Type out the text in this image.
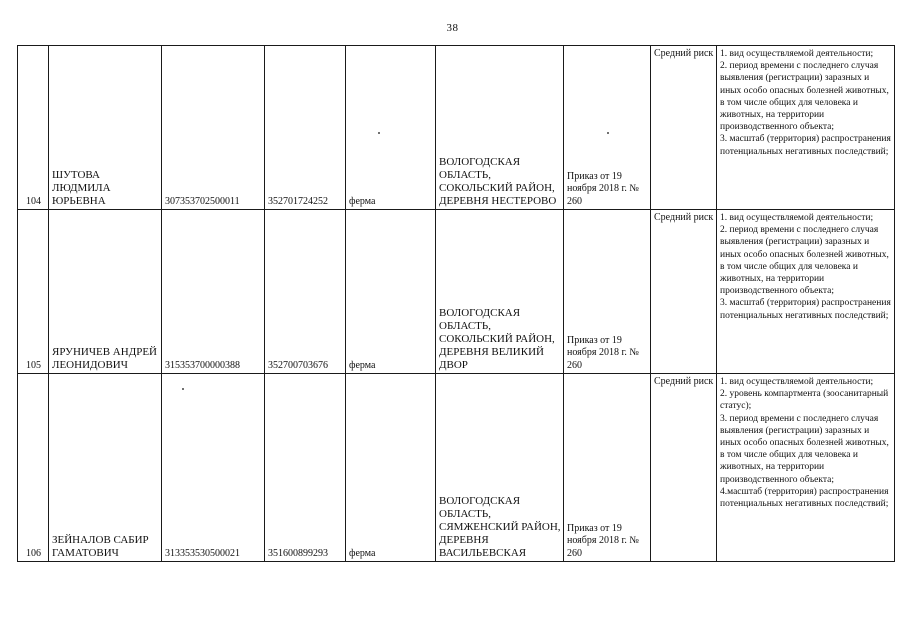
38
104	ШУТОВА ЛЮДМИЛА ЮРЬЕВНА	307353702500011	352701724252	ферма	ВОЛОГОДСКАЯ ОБЛАСТЬ, СОКОЛЬСКИЙ РАЙОН, ДЕРЕВНЯ НЕСТЕРОВО	Приказ от 19 ноября 2018 г. № 260	Средний риск	1. вид осуществляемой деятельности;
2. период времени с последнего случая выявления (регистрации) заразных и иных особо опасных болезней животных, в том числе общих для человека и животных, на территории производственного объекта;
3. масштаб (территория) распространения потенциальных негативных последствий;

105	ЯРУНИЧЕВ АНДРЕЙ ЛЕОНИДОВИЧ	315353700000388	352700703676	ферма	ВОЛОГОДСКАЯ ОБЛАСТЬ, СОКОЛЬСКИЙ РАЙОН, ДЕРЕВНЯ ВЕЛИКИЙ ДВОР	Приказ от 19 ноября 2018 г. № 260	Средний риск	1. вид осуществляемой деятельности;
2. период времени с последнего случая выявления (регистрации) заразных и иных особо опасных болезней животных, в том числе общих для человека и животных, на территории производственного объекта;
3. масштаб (территория) распространения потенциальных негативных последствий;

106	ЗЕЙНАЛОВ САБИР ГАМАТОВИЧ	313353530500021	351600899293	ферма	ВОЛОГОДСКАЯ ОБЛАСТЬ, СЯМЖЕНСКИЙ РАЙОН, ДЕРЕВНЯ ВАСИЛЬЕВСКАЯ	Приказ от 19 ноября 2018 г. № 260	Средний риск	1. вид осуществляемой деятельности;
2. уровень компартмента (зоосанитарный статус);
3. период времени с последнего случая выявления (регистрации) заразных и иных особо опасных болезней животных, в том числе общих для человека и животных, на территории производственного объекта;
4.масштаб (территория) распространения потенциальных негативных последствий;
